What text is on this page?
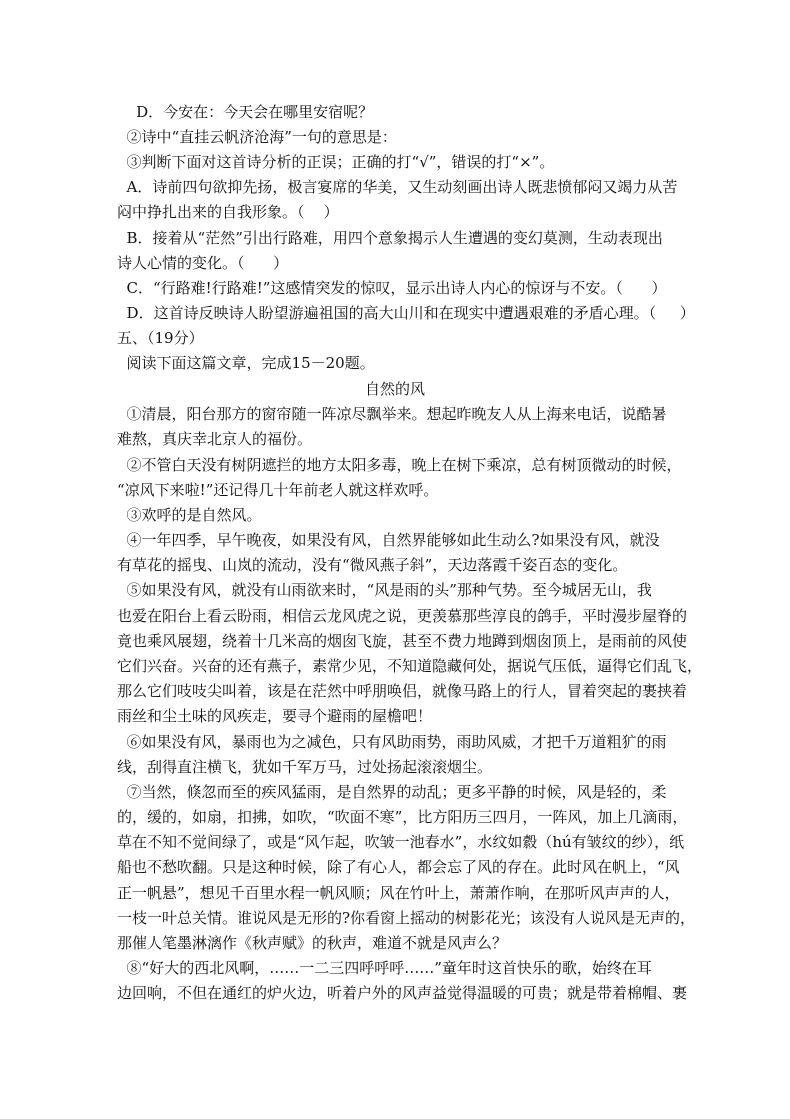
D．今安在：今天会在哪里安宿呢？
②诗中“直挂云帆济沧海”一句的意思是：
③判断下面对这首诗分析的正误；正确的打“√”，错误的打“×”。
A．诗前四句欲抑先扬，极言宴席的华美，又生动刻画出诗人既悲愤郁闷又竭力从苦
闷中挣扎出来的自我形象。（    ）
B．接着从“茫然”引出行路难，用四个意象揭示人生遭遇的变幻莫测，生动表现出
诗人心情的变化。（      ）
C．“行路难!行路难!”这感情突发的惊叹，显示出诗人内心的惊讶与不安。（      ）
D．这首诗反映诗人盼望游遍祖国的高大山川和在现实中遭遇艰难的矛盾心理。（     ）
五、（19分）
阅读下面这篇文章，完成15－20题。
自然的风
①清晨，阳台那方的窗帘随一阵凉尽飘举来。想起昨晚友人从上海来电话，说酷暑
难熬，真庆幸北京人的福份。
②不管白天没有树阴遮拦的地方太阳多毒，晚上在树下乘凉，总有树顶微动的时候，
“凉风下来啦!”还记得几十年前老人就这样欢呼。
③欢呼的是自然风。
④一年四季，早午晚夜，如果没有风，自然界能够如此生动么?如果没有风，就没
有草花的摇曳、山岚的流动，没有“微风燕子斜”，天边落霞千姿百态的变化。
⑤如果没有风，就没有山雨欲来时，“风是雨的头”那种气势。至今城居无山，我
也爱在阳台上看云盼雨，相信云龙风虎之说，更羡慕那些淳良的鸽手，平时漫步屋脊的
竟也乘风展翅，绕着十几米高的烟囱飞旋，甚至不费力地蹲到烟囱顶上，是雨前的风使
它们兴奋。兴奋的还有燕子，素常少见，不知道隐藏何处，据说气压低，逼得它们乱飞，
那么它们吱吱尖叫着，该是在茫然中呼朋唤侣，就像马路上的行人，冒着突起的裹挟着
雨丝和尘土味的风疾走，要寻个避雨的屋檐吧！
⑥如果没有风，暴雨也为之减色，只有风助雨势，雨助风威，才把千万道粗犷的雨
线，刮得直注横飞，犹如千军万马，过处扬起滚滚烟尘。
⑦当然，倏忽而至的疾风猛雨，是自然界的动乱；更多平静的时候，风是轻的，柔
的，缓的，如扇，扣拂，如吹，“吹面不寒”，比方阳历三四月，一阵风，加上几滴雨，
草在不知不觉间绿了，或是“风乍起，吹皱一池春水”，水纹如縠（hú有皱纹的纱），纸
船也不愁吹翻。只是这种时候，除了有心人，都会忘了风的存在。此时风在帆上，“风
正一帆悬”，想见千百里水程一帆风顺；风在竹叶上，萧萧作响，在那听风声声的人，
一枝一叶总关情。谁说风是无形的?你看窗上摇动的树影花光；该没有人说风是无声的，
那催人笔墨淋漓作《秋声赋》的秋声，难道不就是风声么？
⑧“好大的西北风啊，……一二三四呼呼呼……”童年时这首快乐的歌，始终在耳
边回响，不但在通红的炉火边，听着户外的风声益觉得温暖的可贵；就是带着棉帽、裹
